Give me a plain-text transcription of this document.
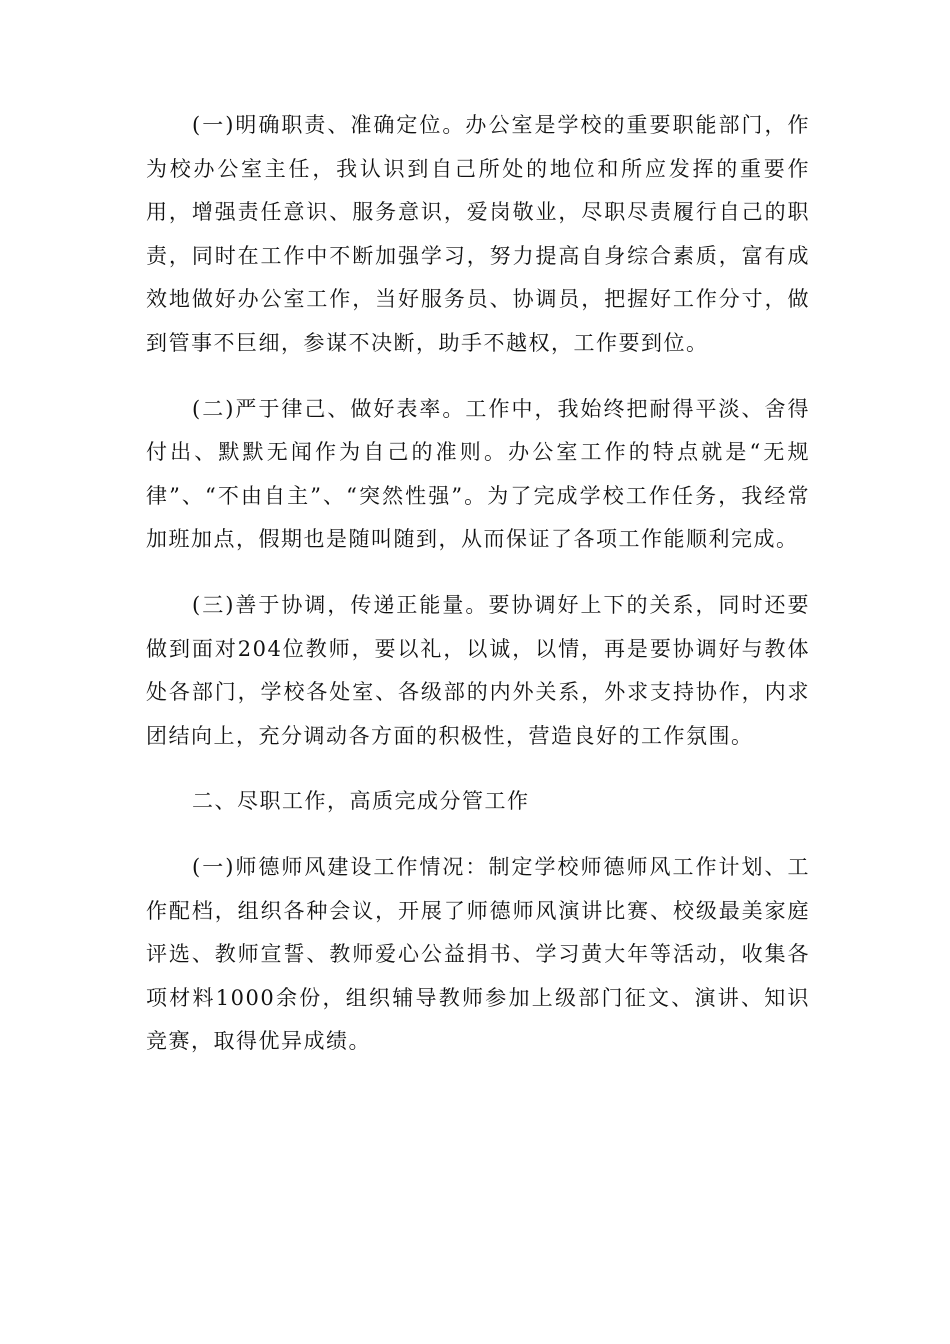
(一)明确职责、准确定位。办公室是学校的重要职能部门，作为校办公室主任，我认识到自己所处的地位和所应发挥的重要作用，增强责任意识、服务意识，爱岗敬业，尽职尽责履行自己的职责，同时在工作中不断加强学习，努力提高自身综合素质，富有成效地做好办公室工作，当好服务员、协调员，把握好工作分寸，做到管事不巨细，参谋不决断，助手不越权，工作要到位。

(二)严于律己、做好表率。工作中，我始终把耐得平淡、舍得付出、默默无闻作为自己的准则。办公室工作的特点就是“无规律”、“不由自主”、“突然性强”。为了完成学校工作任务，我经常加班加点，假期也是随叫随到，从而保证了各项工作能顺利完成。

(三)善于协调，传递正能量。要协调好上下的关系，同时还要做到面对204位教师，要以礼，以诚，以情，再是要协调好与教体处各部门，学校各处室、各级部的内外关系，外求支持协作，内求团结向上，充分调动各方面的积极性，营造良好的工作氛围。

二、尽职工作，高质完成分管工作

(一)师德师风建设工作情况：制定学校师德师风工作计划、工作配档，组织各种会议，开展了师德师风演讲比赛、校级最美家庭评选、教师宣誓、教师爱心公益捐书、学习黄大年等活动，收集各项材料1000余份，组织辅导教师参加上级部门征文、演讲、知识竞赛，取得优异成绩。
